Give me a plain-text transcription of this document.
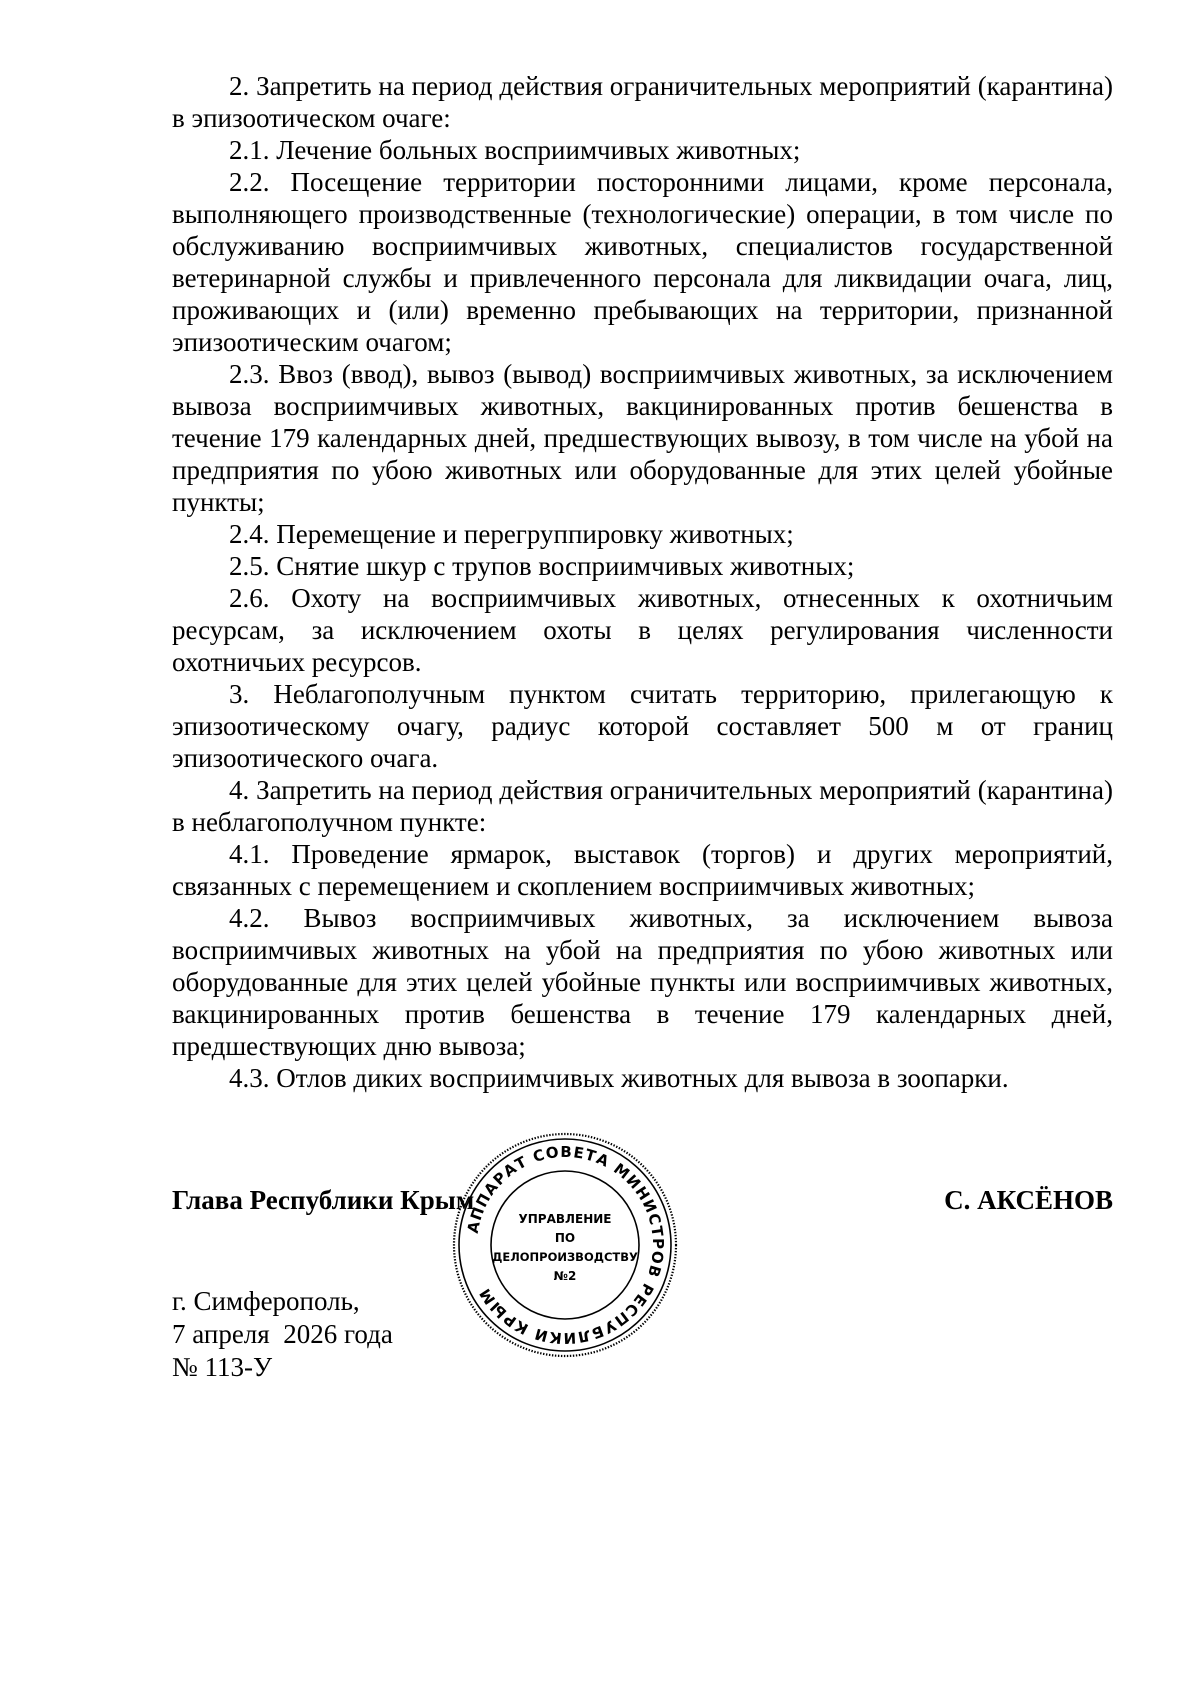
2. Запретить на период действия ограничительных мероприятий (карантина) в эпизоотическом очаге:

2.1. Лечение больных восприимчивых животных;

2.2. Посещение территории посторонними лицами, кроме персонала, выполняющего производственные (технологические) операции, в том числе по обслуживанию восприимчивых животных, специалистов государственной ветеринарной службы и привлеченного персонала для ликвидации очага, лиц, проживающих и (или) временно пребывающих на территории, признанной эпизоотическим очагом;

2.3. Ввоз (ввод), вывоз (вывод) восприимчивых животных, за исключением вывоза восприимчивых животных, вакцинированных против бешенства в течение 179 календарных дней, предшествующих вывозу, в том числе на убой на предприятия по убою животных или оборудованные для этих целей убойные пункты;

2.4. Перемещение и перегруппировку животных;

2.5. Снятие шкур с трупов восприимчивых животных;

2.6. Охоту на восприимчивых животных, отнесенных к охотничьим ресурсам, за исключением охоты в целях регулирования численности охотничьих ресурсов.

3. Неблагополучным пунктом считать территорию, прилегающую к эпизоотическому очагу, радиус которой составляет 500 м от границ эпизоотического очага.

4. Запретить на период действия ограничительных мероприятий (карантина) в неблагополучном пункте:

4.1. Проведение ярмарок, выставок (торгов) и других мероприятий, связанных с перемещением и скоплением восприимчивых животных;

4.2. Вывоз восприимчивых животных, за исключением вывоза восприимчивых животных на убой на предприятия по убою животных или оборудованные для этих целей убойные пункты или восприимчивых животных, вакцинированных против бешенства в течение 179 календарных дней, предшествующих дню вывоза;

4.3. Отлов диких восприимчивых животных для вывоза в зоопарки.

Глава Республики Крым	С. АКСЁНОВ
г. Симферополь,
7 апреля  2026 года
№ 113-У
АППАРАТ СОВЕТА МИНИСТРОВ РЕСПУБЛИКИ КРЫМ
УПРАВЛЕНИЕ
ПО
ДЕЛОПРОИЗВОДСТВУ
№2
